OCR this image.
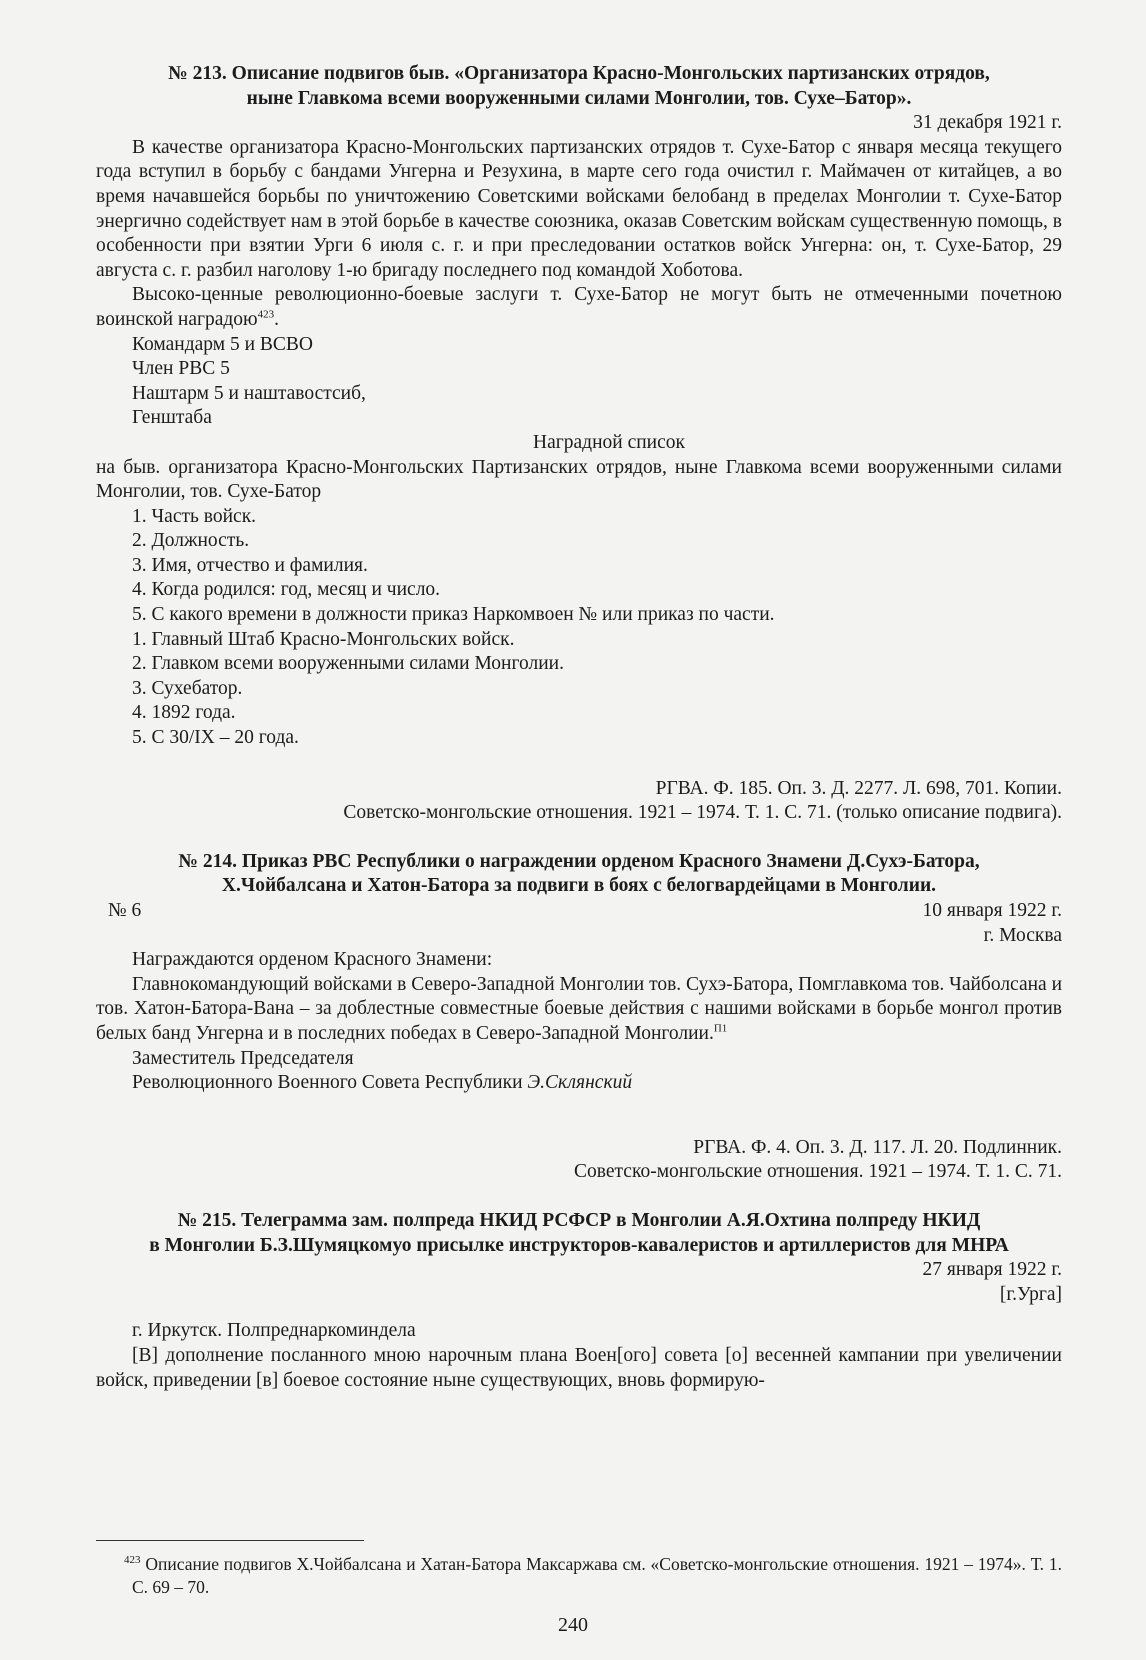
№ 213. Описание подвигов быв. «Организатора Красно-Монгольских партизанских отрядов,

ныне Главкома всеми вооруженными силами Монголии, тов. Сухе–Батор».

31 декабря 1921 г.

В качестве организатора Красно-Монгольских партизанских отрядов т. Сухе-Батор с января месяца текущего года вступил в борьбу с бандами Унгерна и Резухина, в марте сего года очистил г. Маймачен от китайцев, а во время начавшейся борьбы по уничтожению Советскими войсками белобанд в пределах Монголии т. Сухе-Батор энергично содействует нам в этой борьбе в качестве союзника, оказав Советским войскам существенную помощь, в особенности при взятии Урги 6 июля с. г. и при преследовании остатков войск Унгерна: он, т. Сухе-Батор, 29 августа с. г. разбил наголову 1-ю бригаду последнего под командой Хоботова.

Высоко-ценные революционно-боевые заслуги т. Сухе-Батор не могут быть не отмеченными почетною воинской наградою$^{423}$.

Командарм 5 и ВСВО

Член РВС 5

Наштарм 5 и наштавостсиб,

Генштаба

Наградной список

на быв. организатора Красно-Монгольских Партизанских отрядов, ныне Главкома всеми вооруженными силами Монголии, тов. Сухе-Батор

1. Часть войск.

2. Должность.

3. Имя, отчество и фамилия.

4. Когда родился: год, месяц и число.

5. С какого времени в должности приказ Наркомвоен № или приказ по части.

1. Главный Штаб Красно-Монгольских войск.

2. Главком всеми вооруженными силами Монголии.

3. Сухебатор.

4. 1892 года.

5. С 30/IX – 20 года.

РГВА. Ф. 185. Оп. 3. Д. 2277. Л. 698, 701. Копии.

Советско-монгольские отношения. 1921 – 1974. Т. 1. С. 71. (только описание подвига).

№ 214. Приказ РВС Республики о награждении орденом Красного Знамени Д.Сухэ-Батора,

Х.Чойбалсана и Хатон-Батора за подвиги в боях с белогвардейцами в Монголии.

№ 6	10 января 1922 г.

г. Москва

Награждаются орденом Красного Знамени:

Главнокомандующий войсками в Северо-Западной Монголии тов. Сухэ-Батора, Помглавкома тов. Чайболсана и тов. Хатон-Батора-Вана – за доблестные совместные боевые действия с нашими войсками в борьбе монгол против белых банд Унгерна и в последних победах в Северо-Западной Монголии.$^{П1}$

Заместитель Председателя

Революционного Военного Совета Республики Э.Склянский

РГВА. Ф. 4. Оп. 3. Д. 117. Л. 20. Подлинник.

Советско-монгольские отношения. 1921 – 1974. Т. 1. С. 71.

№ 215. Телеграмма зам. полпреда НКИД РСФСР в Монголии А.Я.Охтина полпреду НКИД

в Монголии Б.З.Шумяцкомуо присылке инструкторов-кавалеристов и артиллеристов для МНРА

27 января 1922 г.

[г.Урга]

г. Иркутск. Полпреднаркоминдела

[В] дополнение посланного мною нарочным плана Воен[ого] совета [о] весенней кампании при увеличении войск, приведении [в] боевое состояние ныне существующих, вновь формирую-

$^{423}$ Описание подвигов Х.Чойбалсана и Хатан-Батора Максаржава см. «Советско-монгольские отношения. 1921 – 1974». Т. 1. С. 69 – 70.

240
